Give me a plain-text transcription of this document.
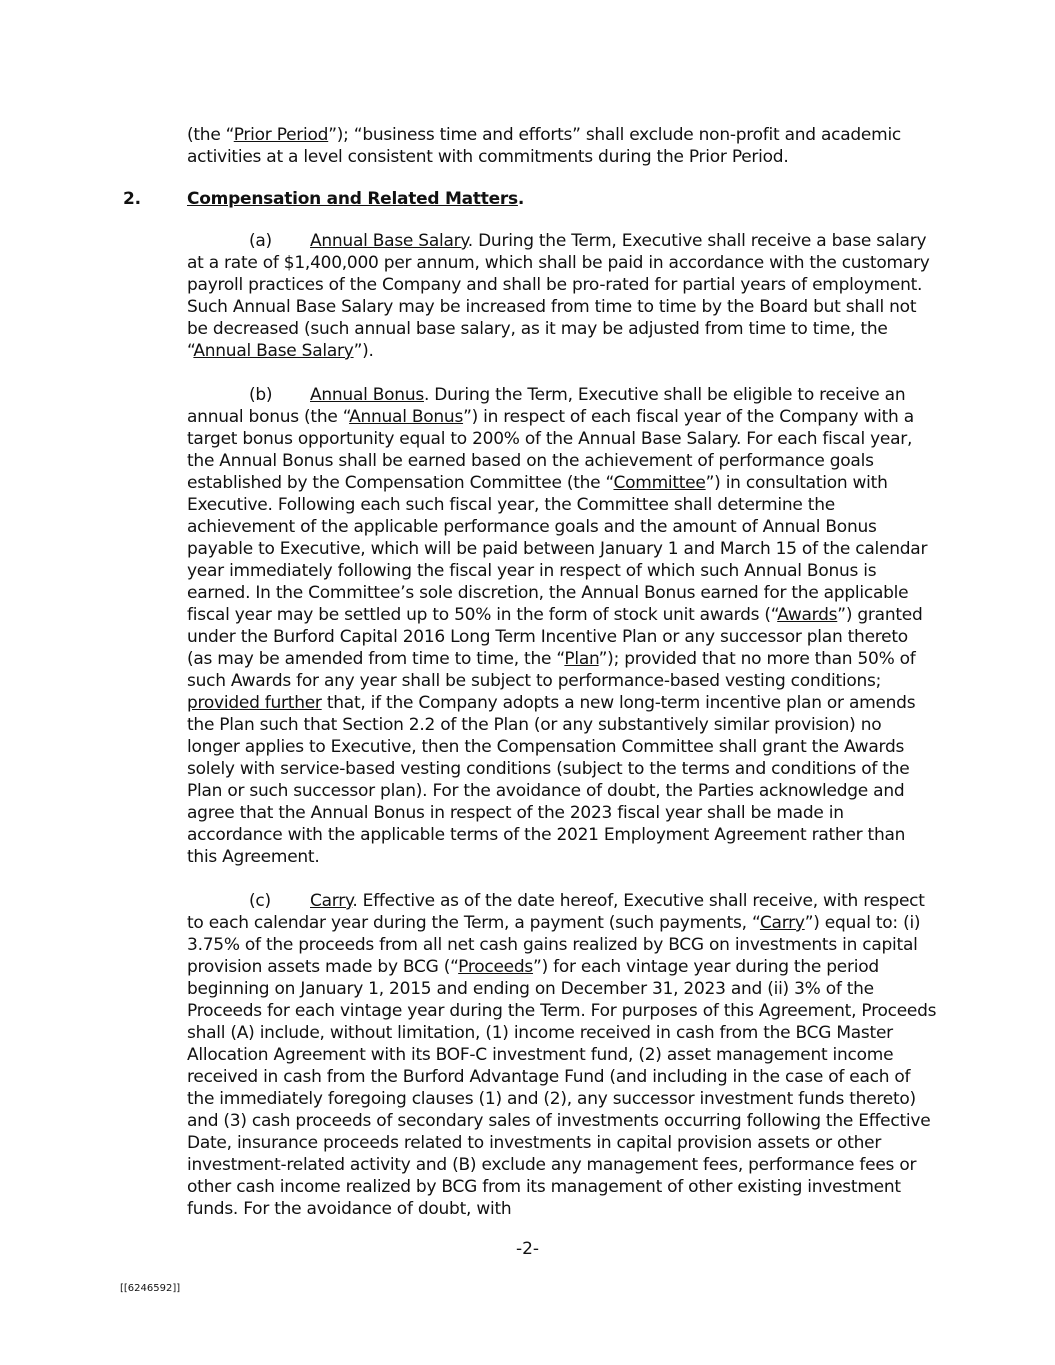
(the “Prior Period”); “business time and efforts” shall exclude non-profit and academic activities at a level consistent with commitments during the Prior Period.

2.	Compensation and Related Matters.

(a) Annual Base Salary. During the Term, Executive shall receive a base salary at a rate of $1,400,000 per annum, which shall be paid in accordance with the customary payroll practices of the Company and shall be pro-rated for partial years of employment. Such Annual Base Salary may be increased from time to time by the Board but shall not be decreased (such annual base salary, as it may be adjusted from time to time, the “Annual Base Salary”).

(b) Annual Bonus. During the Term, Executive shall be eligible to receive an annual bonus (the “Annual Bonus”) in respect of each fiscal year of the Company with a target bonus opportunity equal to 200% of the Annual Base Salary. For each fiscal year, the Annual Bonus shall be earned based on the achievement of performance goals established by the Compensation Committee (the “Committee”) in consultation with Executive. Following each such fiscal year, the Committee shall determine the achievement of the applicable performance goals and the amount of Annual Bonus payable to Executive, which will be paid between January 1 and March 15 of the calendar year immediately following the fiscal year in respect of which such Annual Bonus is earned. In the Committee’s sole discretion, the Annual Bonus earned for the applicable fiscal year may be settled up to 50% in the form of stock unit awards (“Awards”) granted under the Burford Capital 2016 Long Term Incentive Plan or any successor plan thereto (as may be amended from time to time, the “Plan”); provided that no more than 50% of such Awards for any year shall be subject to performance-based vesting conditions; provided further that, if the Company adopts a new long-term incentive plan or amends the Plan such that Section 2.2 of the Plan (or any substantively similar provision) no longer applies to Executive, then the Compensation Committee shall grant the Awards solely with service-based vesting conditions (subject to the terms and conditions of the Plan or such successor plan). For the avoidance of doubt, the Parties acknowledge and agree that the Annual Bonus in respect of the 2023 fiscal year shall be made in accordance with the applicable terms of the 2021 Employment Agreement rather than this Agreement.

(c) Carry. Effective as of the date hereof, Executive shall receive, with respect to each calendar year during the Term, a payment (such payments, “Carry”) equal to: (i) 3.75% of the proceeds from all net cash gains realized by BCG on investments in capital provision assets made by BCG (“Proceeds”) for each vintage year during the period beginning on January 1, 2015 and ending on December 31, 2023 and (ii) 3% of the Proceeds for each vintage year during the Term. For purposes of this Agreement, Proceeds shall (A) include, without limitation, (1) income received in cash from the BCG Master Allocation Agreement with its BOF-C investment fund, (2) asset management income received in cash from the Burford Advantage Fund (and including in the case of each of the immediately foregoing clauses (1) and (2), any successor investment funds thereto) and (3) cash proceeds of secondary sales of investments occurring following the Effective Date, insurance proceeds related to investments in capital provision assets or other investment-related activity and (B) exclude any management fees, performance fees or other cash income realized by BCG from its management of other existing investment funds. For the avoidance of doubt, with

-2-
[[6246592]]
